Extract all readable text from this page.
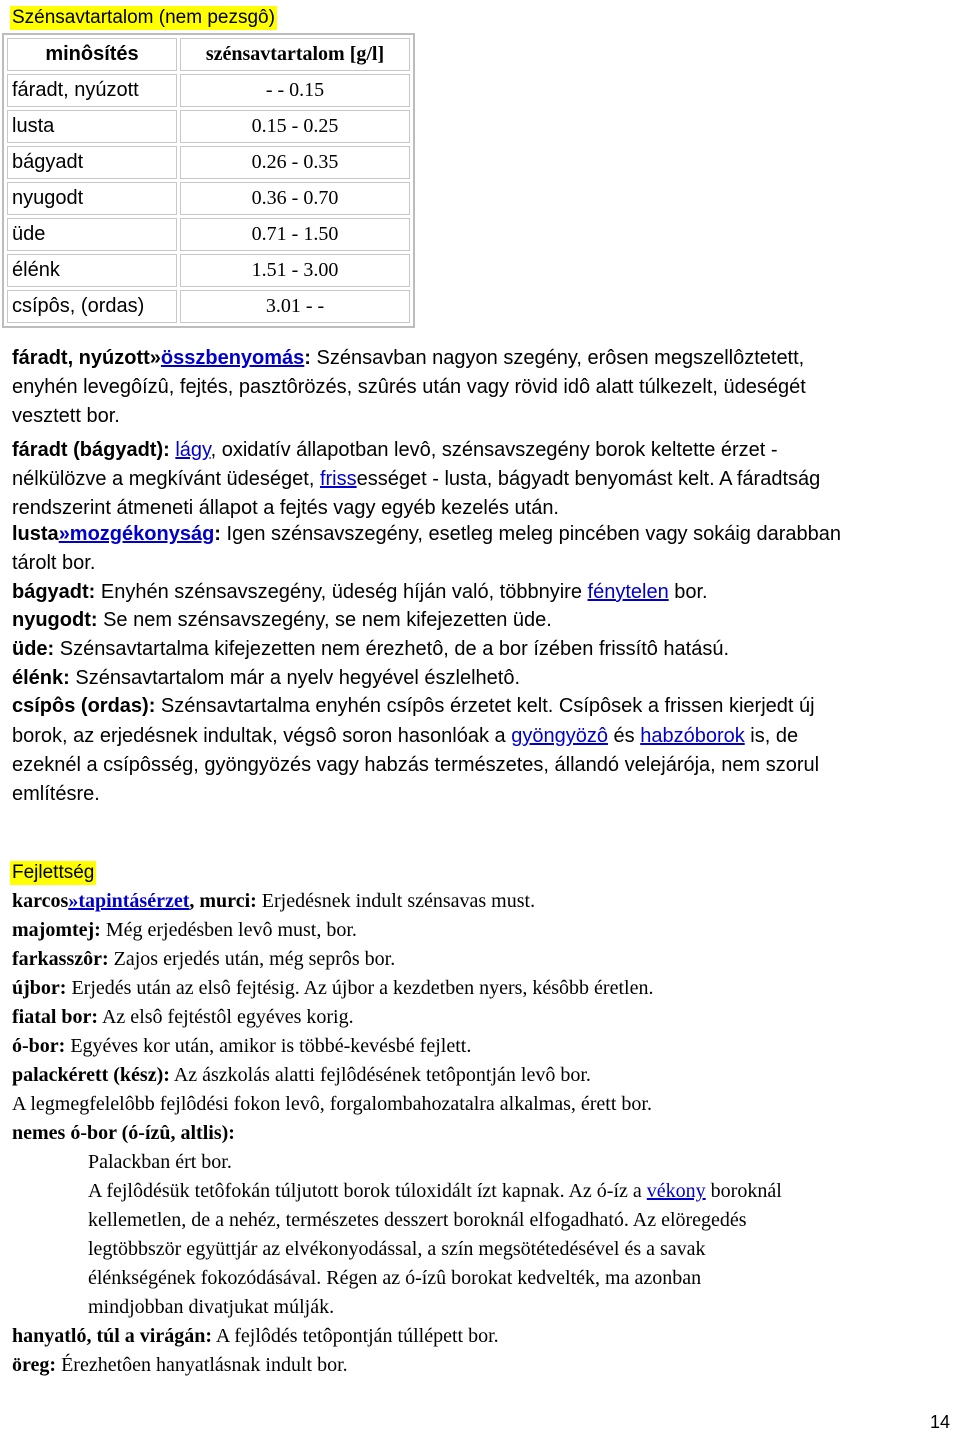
Szénsavtartalom (nem pezsgô)
minôsítés	szénsavtartalom [g/l]
fáradt, nyúzott	- - 0.15
lusta	0.15 - 0.25
bágyadt	0.26 - 0.35
nyugodt	0.36 - 0.70
üde	0.71 - 1.50
élénk	1.51 - 3.00
csípôs, (ordas)	3.01 - -
fáradt, nyúzott»összbenyomás: Szénsavban nagyon szegény, erôsen megszellôztetett,
enyhén levegôízû, fejtés, pasztôrözés, szûrés után vagy rövid idô alatt túlkezelt, üdeségét
vesztett bor.
fáradt (bágyadt): lágy, oxidatív állapotban levô, szénsavszegény borok keltette érzet -
nélkülözve a megkívánt üdeséget, frissességet - lusta, bágyadt benyomást kelt. A fáradtság
rendszerint átmeneti állapot a fejtés vagy egyéb kezelés után.
lusta»mozgékonyság: Igen szénsavszegény, esetleg meleg pincében vagy sokáig darabban
tárolt bor.
bágyadt: Enyhén szénsavszegény, üdeség híján való, többnyire fénytelen bor.
nyugodt: Se nem szénsavszegény, se nem kifejezetten üde.
üde: Szénsavtartalma kifejezetten nem érezhetô, de a bor ízében frissítô hatású.
élénk: Szénsavtartalom már a nyelv hegyével észlelhetô.
csípôs (ordas): Szénsavtartalma enyhén csípôs érzetet kelt. Csípôsek a frissen kierjedt új
borok, az erjedésnek indultak, végsô soron hasonlóak a gyöngyözô és habzóborok is, de
ezeknél a csípôsség, gyöngyözés vagy habzás természetes, állandó velejárója, nem szorul
említésre.
Fejlettség
karcos»tapintásérzet, murci: Erjedésnek indult szénsavas must.
majomtej: Még erjedésben levô must, bor.
farkasszôr: Zajos erjedés után, még seprôs bor.
újbor: Erjedés után az elsô fejtésig. Az újbor a kezdetben nyers, késôbb éretlen.
fiatal bor: Az elsô fejtéstôl egyéves korig.
ó-bor: Egyéves kor után, amikor is többé-kevésbé fejlett.
palackérett (kész): Az ászkolás alatti fejlôdésének tetôpontján levô bor.
A legmegfelelôbb fejlôdési fokon levô, forgalombahozatalra alkalmas, érett bor.
nemes ó-bor (ó-ízû, altlis):
Palackban ért bor.
A fejlôdésük tetôfokán túljutott borok túloxidált ízt kapnak. Az ó-íz a vékony boroknál
kellemetlen, de a nehéz, természetes desszert boroknál elfogadható. Az elöregedés
legtöbbször együttjár az elvékonyodással, a szín megsötétedésével és a savak
élénkségének fokozódásával. Régen az ó-ízû borokat kedvelték, ma azonban
mindjobban divatjukat múlják.
hanyatló, túl a virágán: A fejlôdés tetôpontján túllépett bor.
öreg: Érezhetôen hanyatlásnak indult bor.
14
